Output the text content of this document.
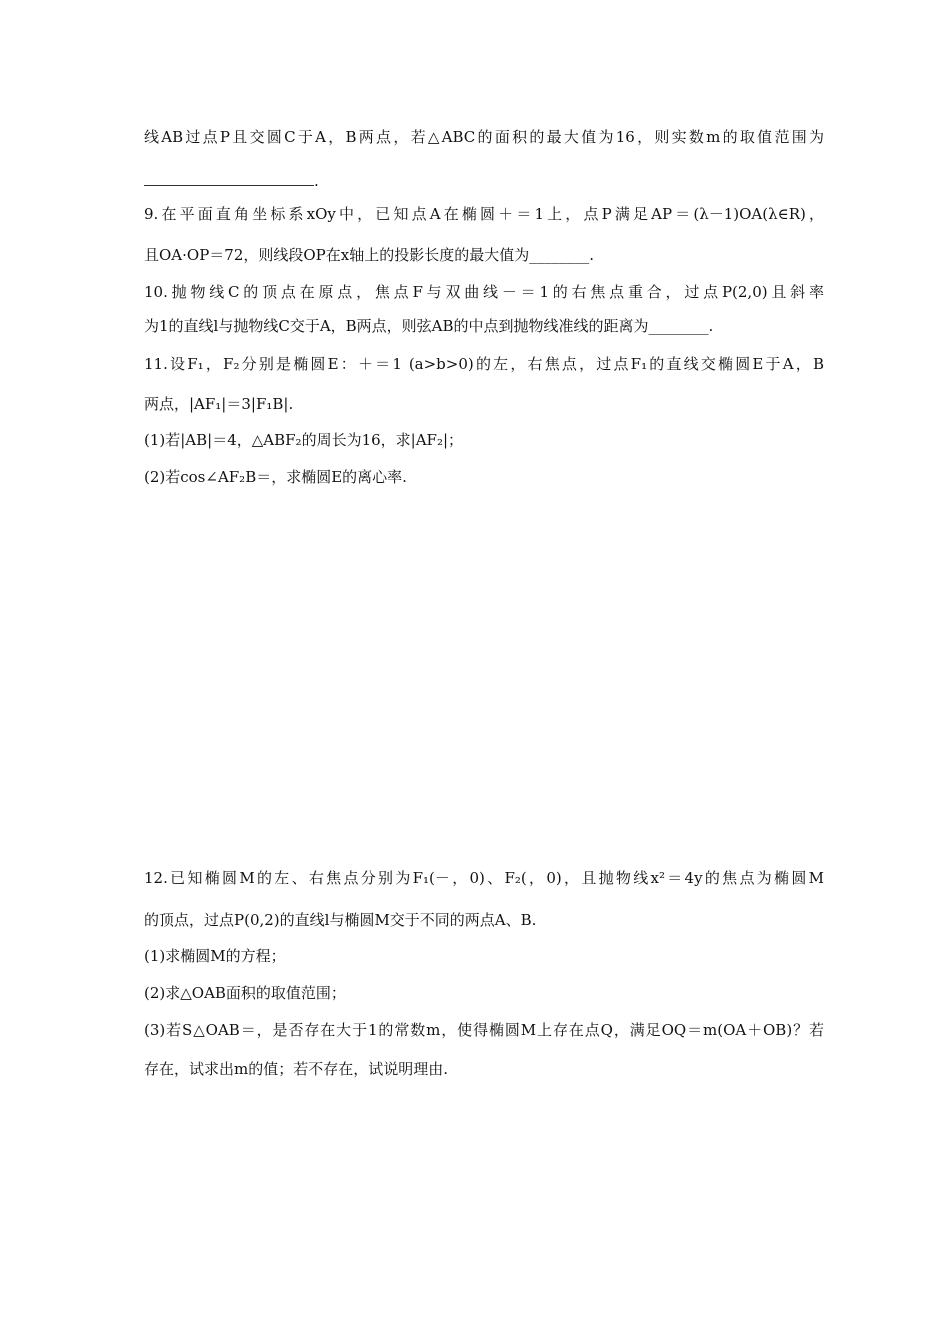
线AB过点P且交圆C于A，B两点，若△ABC的面积的最大值为16，则实数m的取值范围为
.
9.在平面直角坐标系xOy中，已知点A在椭圆＋＝1上，点P满足AP＝(λ－1)OA(λ∈R)，
且OA·OP＝72，则线段OP在x轴上的投影长度的最大值为________.
10.抛物线C的顶点在原点，焦点F与双曲线－＝1的右焦点重合，过点P(2,0)且斜率
为1的直线l与抛物线C交于A，B两点，则弦AB的中点到抛物线准线的距离为________.
11.设F₁，F₂分别是椭圆E：＋＝1 (a>b>0)的左，右焦点，过点F₁的直线交椭圆E于A，B
两点，|AF₁|＝3|F₁B|.
(1)若|AB|＝4，△ABF₂的周长为16，求|AF₂|；
(2)若cos∠AF₂B＝，求椭圆E的离心率.
12.已知椭圆M的左、右焦点分别为F₁(－，0)、F₂(，0)，且抛物线x²＝4y的焦点为椭圆M
的顶点，过点P(0,2)的直线l与椭圆M交于不同的两点A、B.
(1)求椭圆M的方程；
(2)求△OAB面积的取值范围；
(3)若S△OAB＝，是否存在大于1的常数m，使得椭圆M上存在点Q，满足OQ＝m(OA＋OB)？若
存在，试求出m的值；若不存在，试说明理由.
